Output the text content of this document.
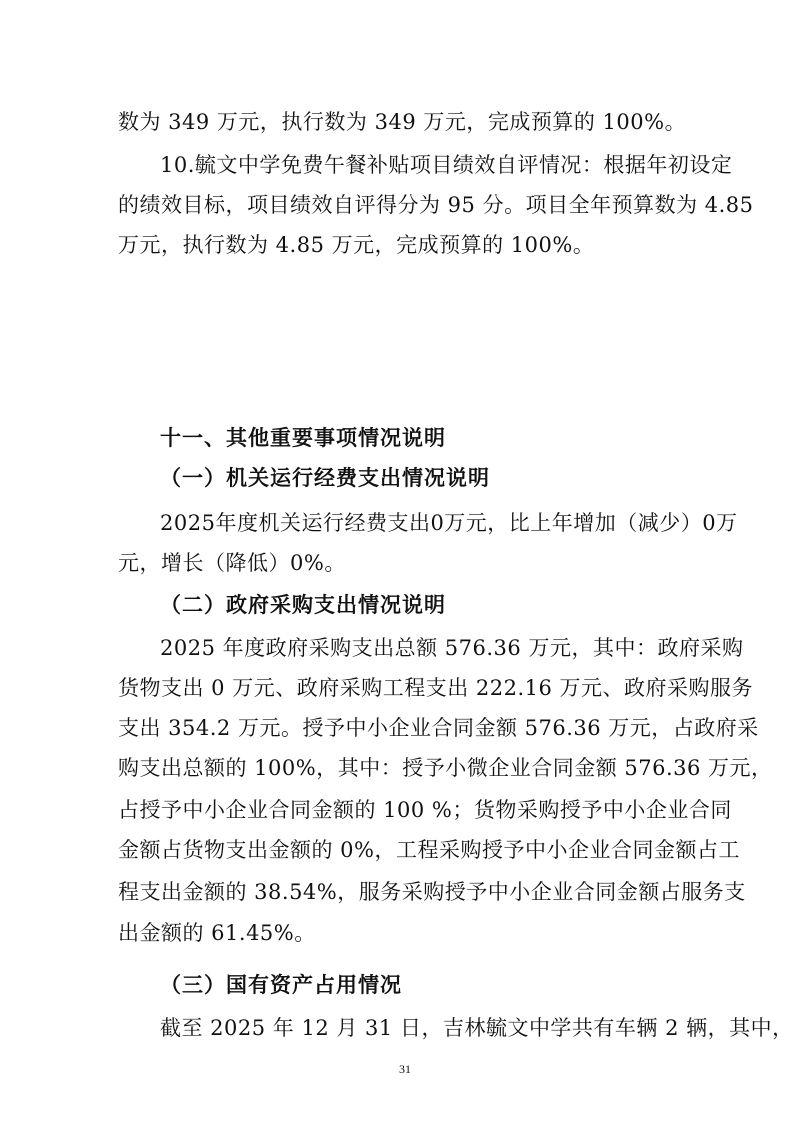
数为 349 万元，执行数为 349 万元，完成预算的 100%。
10.毓文中学免费午餐补贴项目绩效自评情况：根据年初设定
的绩效目标，项目绩效自评得分为 95 分。项目全年预算数为 4.85
万元，执行数为 4.85 万元，完成预算的 100%。
十一、其他重要事项情况说明
（一）机关运行经费支出情况说明
2025年度机关运行经费支出0万元，比上年增加（减少）0万
元，增长（降低）0%。
（二）政府采购支出情况说明
2025 年度政府采购支出总额 576.36 万元，其中：政府采购
货物支出 0 万元、政府采购工程支出 222.16 万元、政府采购服务
支出 354.2 万元。授予中小企业合同金额 576.36 万元，占政府采
购支出总额的 100%，其中：授予小微企业合同金额 576.36 万元，
占授予中小企业合同金额的 100 %；货物采购授予中小企业合同
金额占货物支出金额的 0%，工程采购授予中小企业合同金额占工
程支出金额的 38.54%，服务采购授予中小企业合同金额占服务支
出金额的 61.45%。
（三）国有资产占用情况
截至 2025 年 12 月 31 日，吉林毓文中学共有车辆 2 辆，其中，
31
